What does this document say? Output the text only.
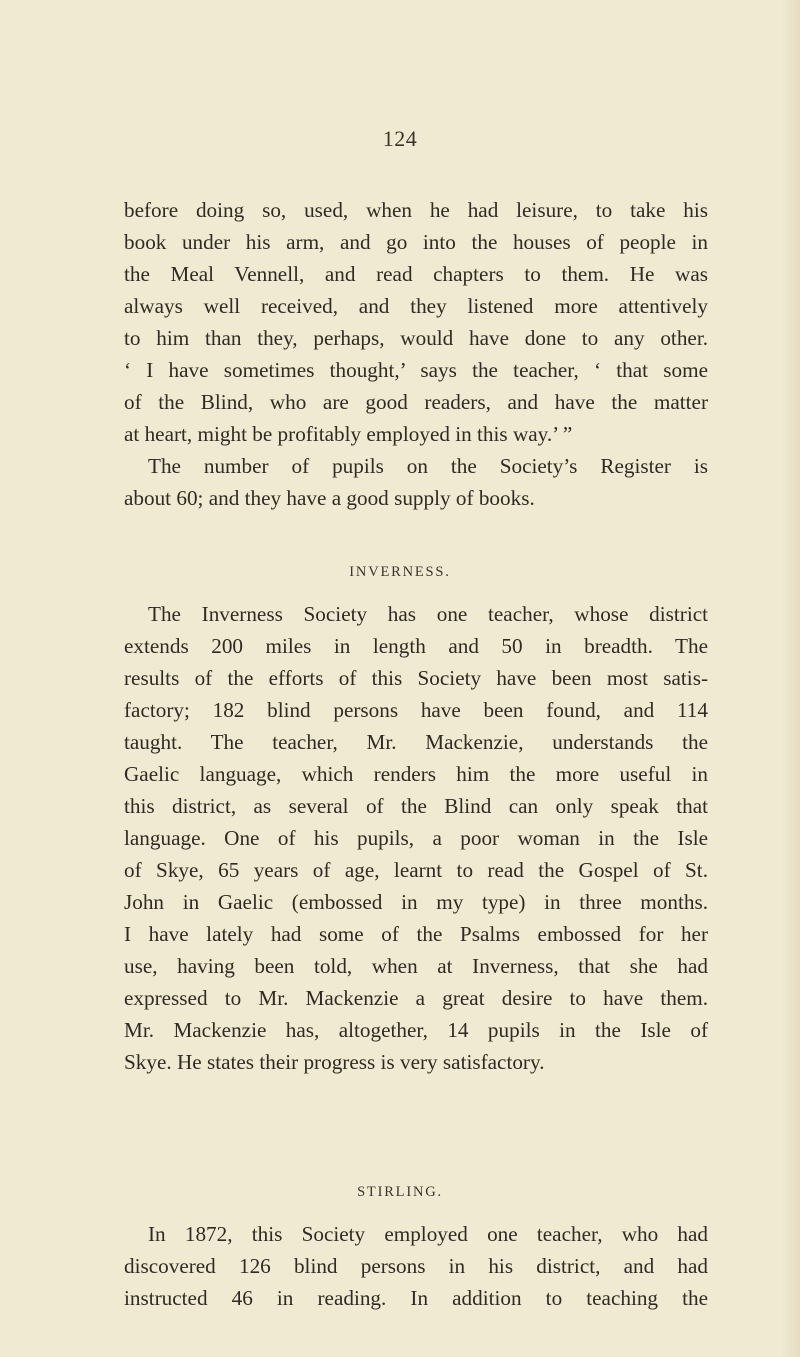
124
before doing so, used, when he had leisure, to take his
book under his arm, and go into the houses of people in
the Meal Vennell, and read chapters to them. He was
always well received, and they listened more attentively
to him than they, perhaps, would have done to any other.
‘ I have sometimes thought,’ says the teacher, ‘ that some
of the Blind, who are good readers, and have the matter
at heart, might be profitably employed in this way.’ ”
The number of pupils on the Society’s Register is
about 60; and they have a good supply of books.
INVERNESS.
The Inverness Society has one teacher, whose district
extends 200 miles in length and 50 in breadth. The
results of the efforts of this Society have been most satis-
factory; 182 blind persons have been found, and 114
taught. The teacher, Mr. Mackenzie, understands the
Gaelic language, which renders him the more useful in
this district, as several of the Blind can only speak that
language. One of his pupils, a poor woman in the Isle
of Skye, 65 years of age, learnt to read the Gospel of St.
John in Gaelic (embossed in my type) in three months.
I have lately had some of the Psalms embossed for her
use, having been told, when at Inverness, that she had
expressed to Mr. Mackenzie a great desire to have them.
Mr. Mackenzie has, altogether, 14 pupils in the Isle of
Skye. He states their progress is very satisfactory.
STIRLING.
In 1872, this Society employed one teacher, who had
discovered 126 blind persons in his district, and had
instructed 46 in reading. In addition to teaching the
